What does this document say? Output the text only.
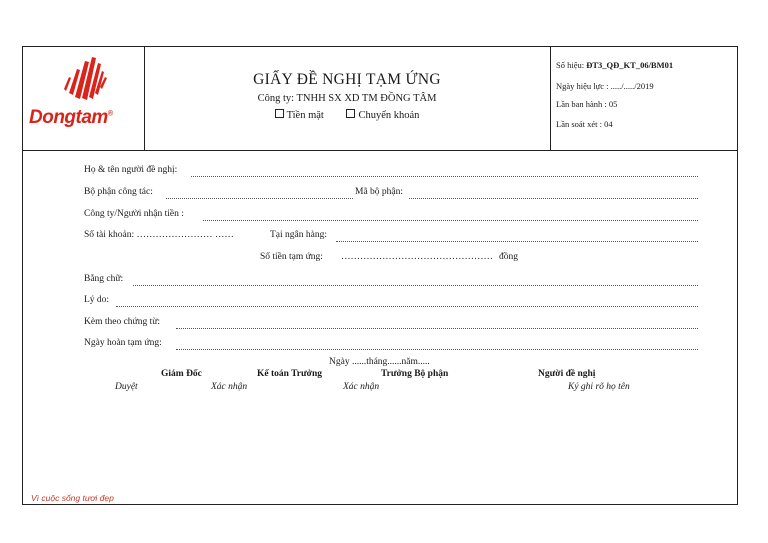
Dongtam®
GIẤY ĐỀ NGHỊ TẠM ỨNG
Công ty: TNHH SX XD TM ĐỒNG TÂM
Tiền mặt	Chuyển khoản
Số hiệu: ĐT3_QĐ_KT_06/BM01
Ngày hiệu lực : ...../...../2019
Lần ban hành : 05
Lần soát xét : 04
Họ & tên người đề nghị:
Bộ phận công tác:	Mã bộ phận:
Công ty/Người nhận tiền :
Số tài khoản: …………………… ……	Tại ngân hàng:
Số tiền tạm ứng: ………………………………………… đồng
Bằng chữ:
Lý do:
Kèm theo chứng từ:
Ngày hoàn tạm ứng:
Ngày ......tháng......năm.....
Giám Đốc	Kế toán Trưởng	Trưởng Bộ phận	Người đề nghị
Duyệt	Xác nhận	Xác nhận	Ký ghi rõ họ tên
Vì cuộc sống tươi đẹp
